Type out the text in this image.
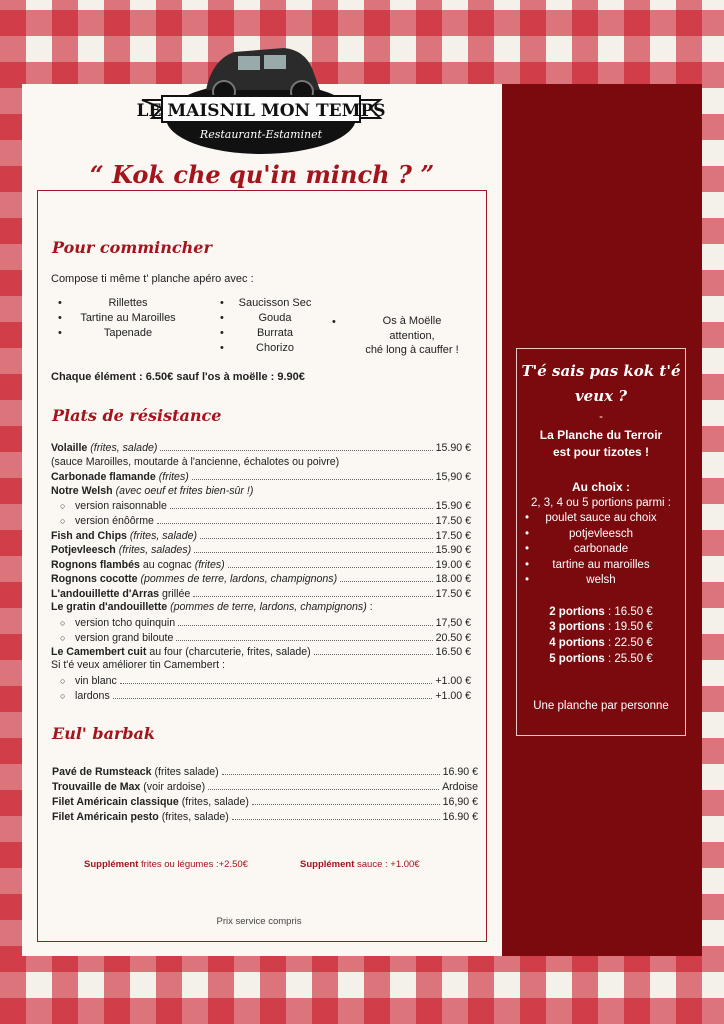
LE MAISNIL MON TEMPS
Restaurant-Estaminet
“ Kok che qu'in minch ? ”
Pour commincher
Compose ti même t' planche apéro avec :
•	Rillettes
•	Tartine au Maroilles
•	Tapenade
•	Saucisson Sec
•	Gouda
•	Burrata
•	Chorizo
•	Os à Moëlle
attention,
ché long à cauffer !
Chaque élément : 6.50€ sauf l'os à moëlle : 9.90€
Plats de résistance
Volaille (frites, salade)	15.90 €
(sauce Maroilles, moutarde à l'ancienne, échalotes ou poivre)
Carbonade flamande (frites)	15,90 €
Notre Welsh (avec oeuf et frites bien-sûr !)
○ version raisonnable	15.90 €
○ version énôôrme	17.50 €
Fish and Chips (frites, salade)	17.50 €
Potjevleesch (frites, salades)	15.90 €
Rognons flambés au cognac (frites)	19.00 €
Rognons cocotte (pommes de terre, lardons, champignons)	18.00 €
L'andouillette d'Arras grillée	17.50 €
Le gratin d'andouillette (pommes de terre, lardons, champignons) :
○ version tcho quinquin	17,50 €
○ version grand biloute	20.50 €
Le Camembert cuit au four (charcuterie, frites, salade)	16.50 €
Si t'é veux améliorer tin Camembert :
○ vin blanc	+1.00 €
○ lardons	+1.00 €
Eul' barbak
Pavé de Rumsteack (frites salade)	16.90 €
Trouvaille de Max (voir ardoise)	Ardoise
Filet Américain classique (frites, salade)	16,90 €
Filet Américain pesto (frites, salade)	16.90 €
Supplément frites ou légumes :+2.50€	Supplément sauce : +1.00€
Prix service compris
T'é sais pas kok t'é
veux ?
-
La Planche du Terroir
est pour tizotes !
Au choix :
2, 3, 4 ou 5 portions parmi :
• poulet sauce au choix
• potjevleesch
• carbonade
• tartine au maroilles
• welsh
2 portions : 16.50 €
3 portions : 19.50 €
4 portions : 22.50 €
5 portions : 25.50 €
Une planche par personne
